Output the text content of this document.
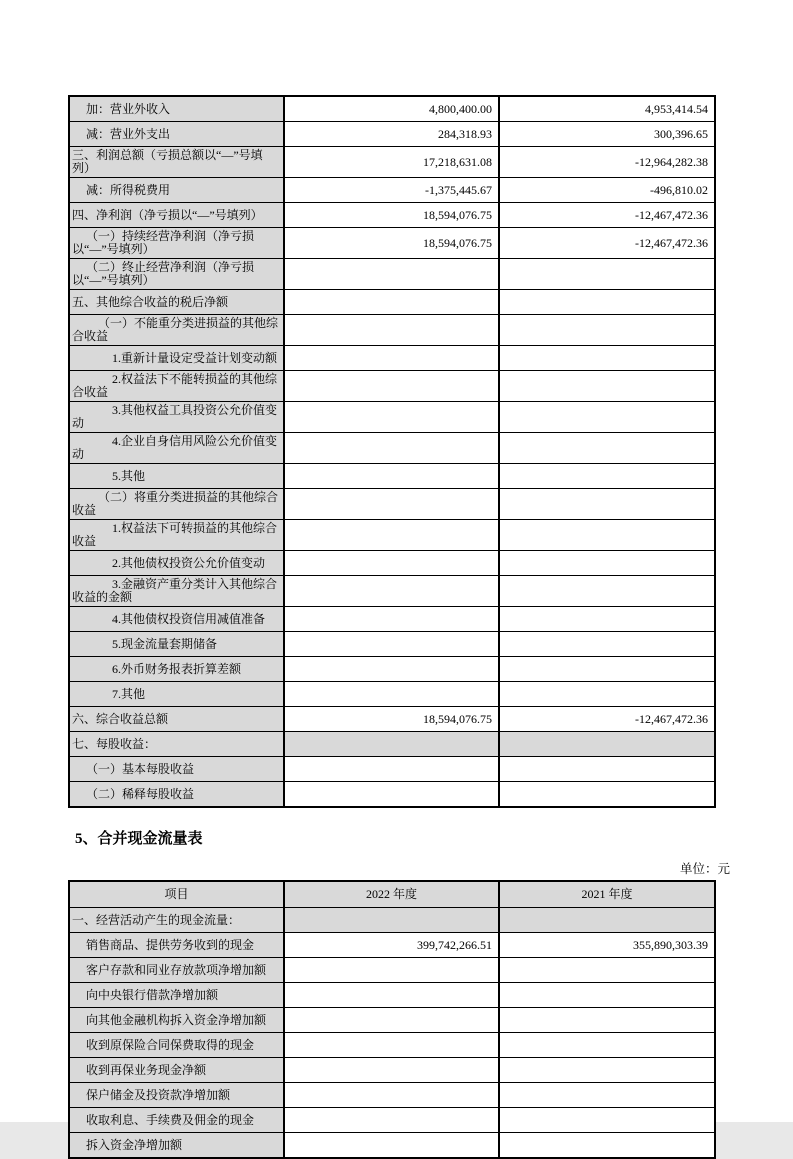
加：营业外收入	4,800,400.00	4,953,414.54
减：营业外支出	284,318.93	300,396.65
三、利润总额（亏损总额以“—”号填列）	17,218,631.08	-12,964,282.38
减：所得税费用	-1,375,445.67	-496,810.02
四、净利润（净亏损以“—”号填列）	18,594,076.75	-12,467,472.36
（一）持续经营净利润（净亏损以“—”号填列）	18,594,076.75	-12,467,472.36
（二）终止经营净利润（净亏损以“—”号填列）		
五、其他综合收益的税后净额		
（一）不能重分类进损益的其他综合收益		
1.重新计量设定受益计划变动额		
2.权益法下不能转损益的其他综合收益		
3.其他权益工具投资公允价值变动		
4.企业自身信用风险公允价值变动		
5.其他		
（二）将重分类进损益的其他综合收益		
1.权益法下可转损益的其他综合收益		
2.其他债权投资公允价值变动		
3.金融资产重分类计入其他综合收益的金额		
4.其他债权投资信用减值准备		
5.现金流量套期储备		
6.外币财务报表折算差额		
7.其他		
六、综合收益总额	18,594,076.75	-12,467,472.36
七、每股收益：		
（一）基本每股收益		
（二）稀释每股收益		
5、合并现金流量表
单位：元
项目	2022 年度	2021 年度
一、经营活动产生的现金流量：		
销售商品、提供劳务收到的现金	399,742,266.51	355,890,303.39
客户存款和同业存放款项净增加额		
向中央银行借款净增加额		
向其他金融机构拆入资金净增加额		
收到原保险合同保费取得的现金		
收到再保业务现金净额		
保户储金及投资款净增加额		
收取利息、手续费及佣金的现金		
拆入资金净增加额		
